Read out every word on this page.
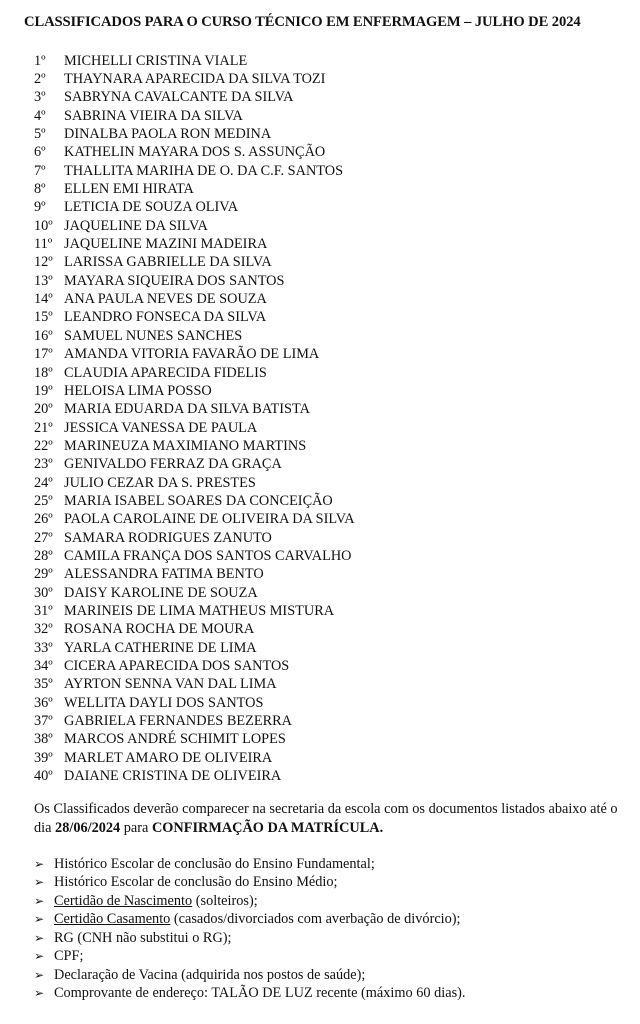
CLASSIFICADOS PARA O CURSO TÉCNICO EM ENFERMAGEM – JULHO DE 2024
1º	MICHELLI CRISTINA VIALE
2º	THAYNARA APARECIDA DA SILVA TOZI
3º	SABRYNA CAVALCANTE DA SILVA
4º	SABRINA VIEIRA DA SILVA
5º	DINALBA PAOLA RON MEDINA
6º	KATHELIN MAYARA DOS S. ASSUNÇÃO
7º	THALLITA MARIHA DE O. DA C.F. SANTOS
8º	ELLEN EMI HIRATA
9º	LETICIA DE SOUZA OLIVA
10º JAQUELINE DA SILVA
11º JAQUELINE MAZINI MADEIRA
12º LARISSA GABRIELLE DA SILVA
13º MAYARA SIQUEIRA DOS SANTOS
14º ANA PAULA NEVES DE SOUZA
15º LEANDRO FONSECA DA SILVA
16º SAMUEL NUNES SANCHES
17º AMANDA VITORIA FAVARÃO DE LIMA
18º CLAUDIA APARECIDA FIDELIS
19º HELOISA LIMA POSSO
20º MARIA EDUARDA DA SILVA BATISTA
21º JESSICA VANESSA DE PAULA
22º MARINEUZA MAXIMIANO MARTINS
23º GENIVALDO FERRAZ DA GRAÇA
24º JULIO CEZAR DA S. PRESTES
25º MARIA ISABEL SOARES DA CONCEIÇÃO
26º PAOLA CAROLAINE DE OLIVEIRA DA SILVA
27º SAMARA RODRIGUES ZANUTO
28º CAMILA FRANÇA DOS SANTOS CARVALHO
29º ALESSANDRA FATIMA BENTO
30º DAISY KAROLINE DE SOUZA
31º MARINEIS DE LIMA MATHEUS MISTURA
32º ROSANA ROCHA DE MOURA
33º YARLA CATHERINE DE LIMA
34º CICERA APARECIDA DOS SANTOS
35º AYRTON SENNA VAN DAL LIMA
36º WELLITA DAYLI DOS SANTOS
37º GABRIELA FERNANDES BEZERRA
38º MARCOS ANDRÉ SCHIMIT LOPES
39º MARLET AMARO DE OLIVEIRA
40º DAIANE CRISTINA DE OLIVEIRA
Os Classificados deverão comparecer na secretaria da escola com os documentos listados abaixo até o dia 28/06/2024 para CONFIRMAÇÃO DA MATRÍCULA.
➢ Histórico Escolar de conclusão do Ensino Fundamental;
➢ Histórico Escolar de conclusão do Ensino Médio;
➢ Certidão de Nascimento (solteiros);
➢ Certidão Casamento (casados/divorciados com averbação de divórcio);
➢ RG (CNH não substitui o RG);
➢ CPF;
➢ Declaração de Vacina (adquirida nos postos de saúde);
➢ Comprovante de endereço: TALÃO DE LUZ recente (máximo 60 dias).
